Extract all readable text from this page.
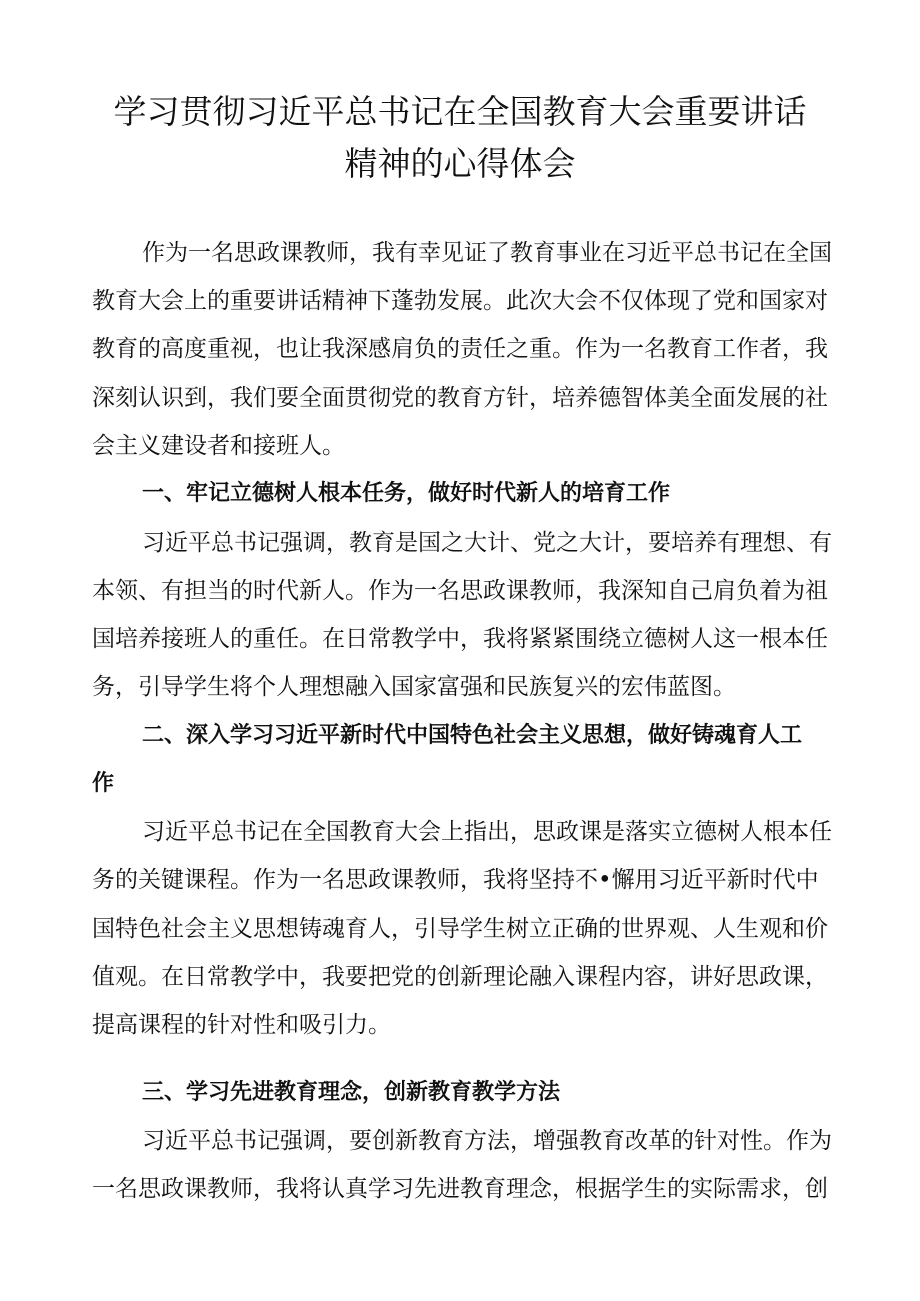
学习贯彻习近平总书记在全国教育大会重要讲话
精神的心得体会

作为一名思政课教师，我有幸见证了教育事业在习近平总书记在全国

教育大会上的重要讲话精神下蓬勃发展。此次大会不仅体现了党和国家对

教育的高度重视，也让我深感肩负的责任之重。作为一名教育工作者，我

深刻认识到，我们要全面贯彻党的教育方针，培养德智体美全面发展的社

会主义建设者和接班人。

一、牢记立德树人根本任务，做好时代新人的培育工作

习近平总书记强调，教育是国之大计、党之大计，要培养有理想、有

本领、有担当的时代新人。作为一名思政课教师，我深知自己肩负着为祖

国培养接班人的重任。在日常教学中，我将紧紧围绕立德树人这一根本任

务，引导学生将个人理想融入国家富强和民族复兴的宏伟蓝图。

二、深入学习习近平新时代中国特色社会主义思想，做好铸魂育人工
作

习近平总书记在全国教育大会上指出，思政课是落实立德树人根本任

务的关键课程。作为一名思政课教师，我将坚持不•懈用习近平新时代中

国特色社会主义思想铸魂育人，引导学生树立正确的世界观、人生观和价

值观。在日常教学中，我要把党的创新理论融入课程内容，讲好思政课，

提高课程的针对性和吸引力。

三、学习先进教育理念，创新教育教学方法

习近平总书记强调，要创新教育方法，增强教育改革的针对性。作为

一名思政课教师，我将认真学习先进教育理念，根据学生的实际需求，创
